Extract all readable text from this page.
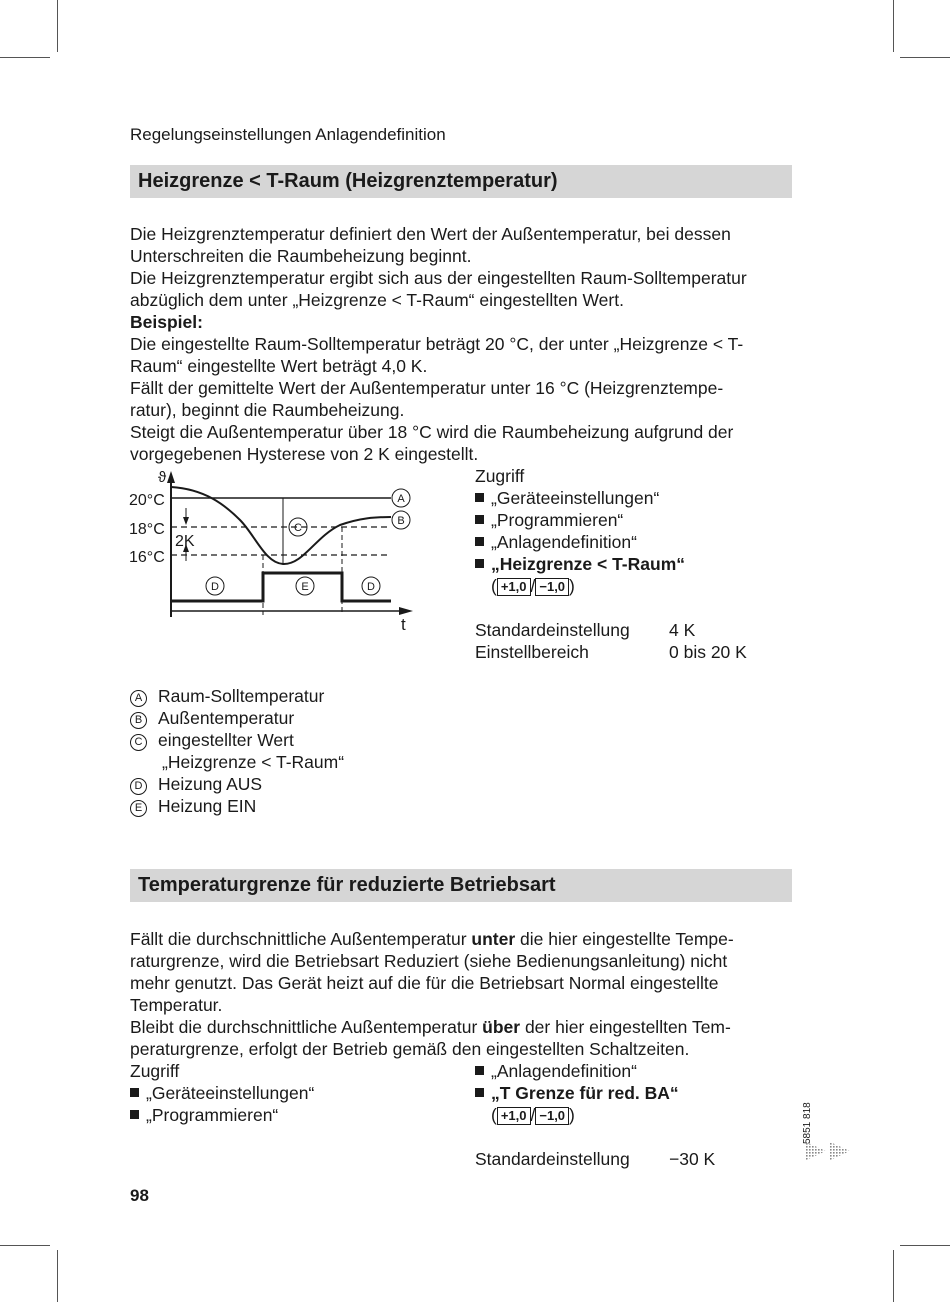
Regelungseinstellungen Anlagendefinition
Heizgrenze < T-Raum (Heizgrenztemperatur)
Die Heizgrenztemperatur definiert den Wert der Außentemperatur, bei dessen
Unterschreiten die Raumbeheizung beginnt.
Die Heizgrenztemperatur ergibt sich aus der eingestellten Raum-Solltemperatur
abzüglich dem unter „Heizgrenze < T-Raum“ eingestellten Wert.
Beispiel:
Die eingestellte Raum-Solltemperatur beträgt 20 °C, der unter „Heizgrenze < T-
Raum“ eingestellte Wert beträgt 4,0 K.
Fällt der gemittelte Wert der Außentemperatur unter 16 °C (Heizgrenztempe-
ratur), beginnt die Raumbeheizung.
Steigt die Außentemperatur über 18 °C wird die Raumbeheizung aufgrund der
vorgegebenen Hysterese von 2 K eingestellt.
ϑ
t
20°C
18°C
16°C
2K
A
B
C
D	E	D
Zugriff
„Geräteeinstellungen“
„Programmieren“
„Anlagendefinition“
„Heizgrenze < T-Raum“
( +1,0 / −1,0 )
Standardeinstellung 4 K
Einstellbereich	0 bis 20 K
A Raum-Solltemperatur
B Außentemperatur
C eingestellter Wert
„Heizgrenze < T-Raum“
D Heizung AUS
E Heizung EIN
Temperaturgrenze für reduzierte Betriebsart
Fällt die durchschnittliche Außentemperatur unter die hier eingestellte Tempe-
raturgrenze, wird die Betriebsart Reduziert (siehe Bedienungsanleitung) nicht
mehr genutzt. Das Gerät heizt auf die für die Betriebsart Normal eingestellte
Temperatur.
Bleibt die durchschnittliche Außentemperatur über der hier eingestellten Tem-
peraturgrenze, erfolgt der Betrieb gemäß den eingestellten Schaltzeiten.
Zugriff
„Geräteeinstellungen“
„Programmieren“
„Anlagendefinition“
„T Grenze für red. BA“
( +1,0 / −1,0 )
Standardeinstellung −30 K
98
5851 818
